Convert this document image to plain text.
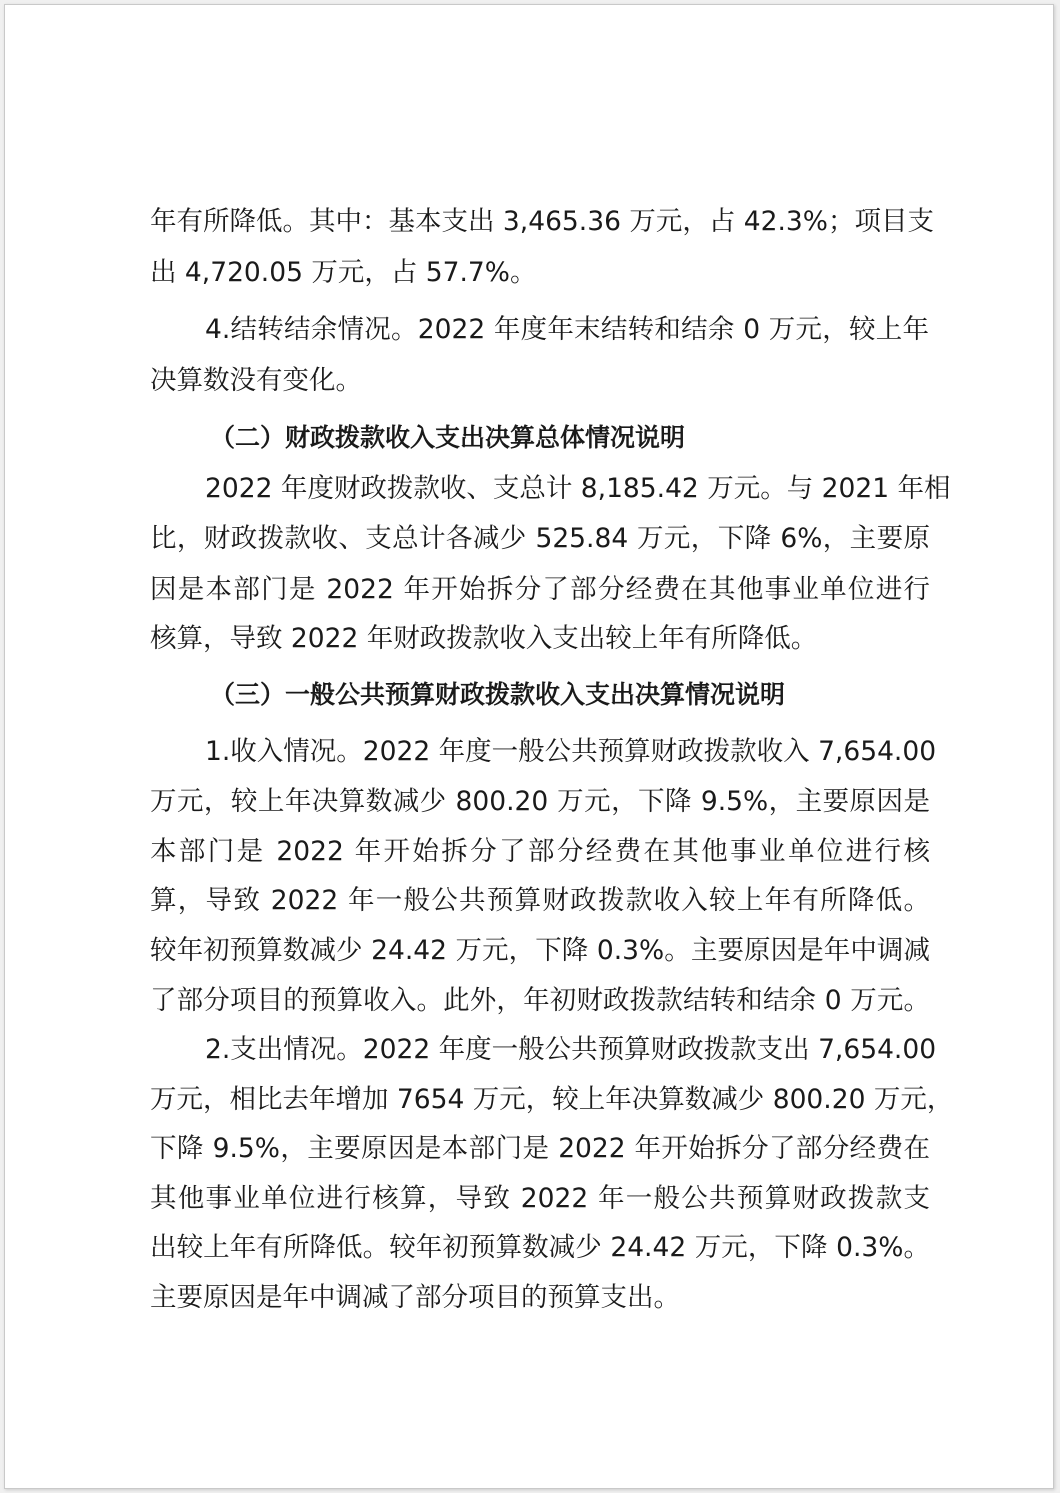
年有所降低。其中：基本支出 3,465.36 万元，占 42.3%；项目支

出 4,720.05 万元，占 57.7%。

4.结转结余情况。2022 年度年末结转和结余 0 万元，较上年

决算数没有变化。

（二）财政拨款收入支出决算总体情况说明

2022 年度财政拨款收、支总计 8,185.42 万元。与 2021 年相

比，财政拨款收、支总计各减少 525.84 万元，下降 6%，主要原

因是本部门是 2022 年开始拆分了部分经费在其他事业单位进行

核算，导致 2022 年财政拨款收入支出较上年有所降低。

（三）一般公共预算财政拨款收入支出决算情况说明

1.收入情况。2022 年度一般公共预算财政拨款收入 7,654.00

万元，较上年决算数减少 800.20 万元，下降 9.5%，主要原因是

本部门是 2022 年开始拆分了部分经费在其他事业单位进行核

算，导致 2022 年一般公共预算财政拨款收入较上年有所降低。

较年初预算数减少 24.42 万元，下降 0.3%。主要原因是年中调减

了部分项目的预算收入。此外，年初财政拨款结转和结余 0 万元。

2.支出情况。2022 年度一般公共预算财政拨款支出 7,654.00

万元，相比去年增加 7654 万元，较上年决算数减少 800.20 万元，

下降 9.5%，主要原因是本部门是 2022 年开始拆分了部分经费在

其他事业单位进行核算，导致 2022 年一般公共预算财政拨款支

出较上年有所降低。较年初预算数减少 24.42 万元，下降 0.3%。

主要原因是年中调减了部分项目的预算支出。
